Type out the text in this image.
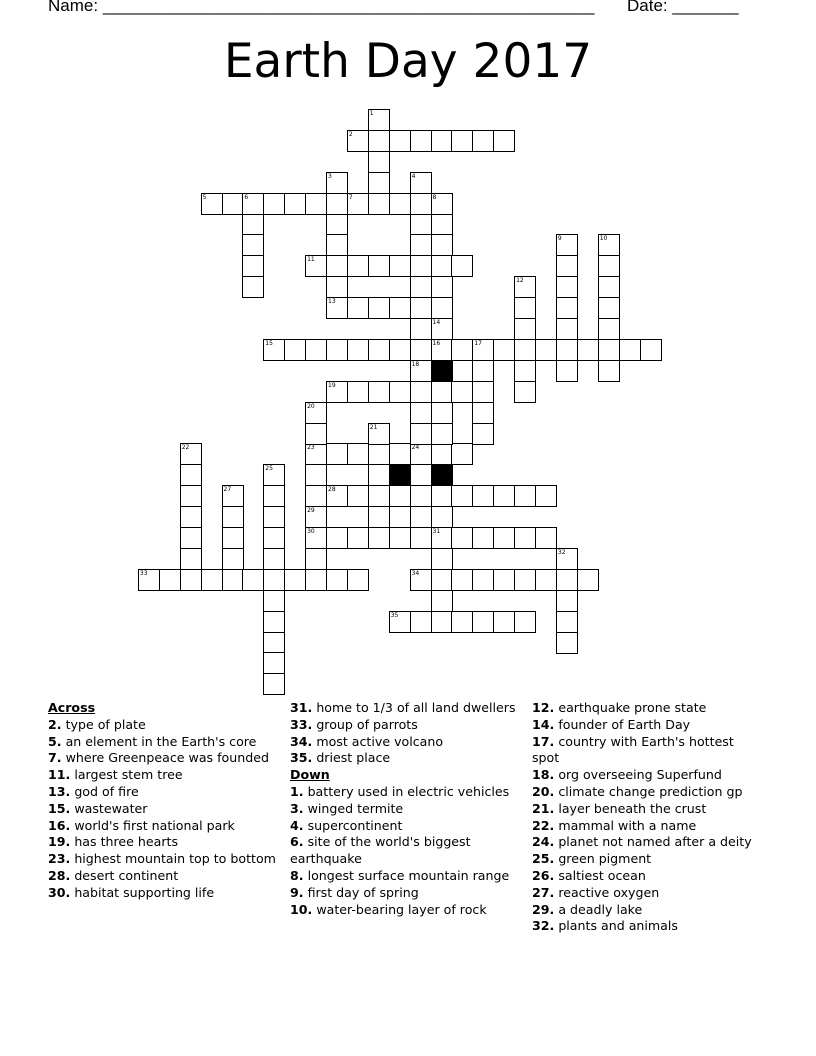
Name: ____________________________________________________ Date: _______
Earth Day 2017
2
5	6	7	8
11
13
15	16	17
19
23	24
28
30	31
33	34
35
1
3	4
18
14
9	10
12
20
29
21
22
25	26
27
32
Across
2. type of plate
5. an element in the Earth's core
7. where Greenpeace was founded
11. largest stem tree
13. god of fire
15. wastewater
16. world's first national park
19. has three hearts
23. highest mountain top to bottom
28. desert continent
30. habitat supporting life
31. home to 1/3 of all land dwellers
33. group of parrots
34. most active volcano
35. driest place
Down
1. battery used in electric vehicles
3. winged termite
4. supercontinent
6. site of the world's biggest earthquake
8. longest surface mountain range
9. first day of spring
10. water-bearing layer of rock
12. earthquake prone state
14. founder of Earth Day
17. country with Earth's hottest spot
18. org overseeing Superfund
20. climate change prediction gp
21. layer beneath the crust
22. mammal with a name
24. planet not named after a deity
25. green pigment
26. saltiest ocean
27. reactive oxygen
29. a deadly lake
32. plants and animals
